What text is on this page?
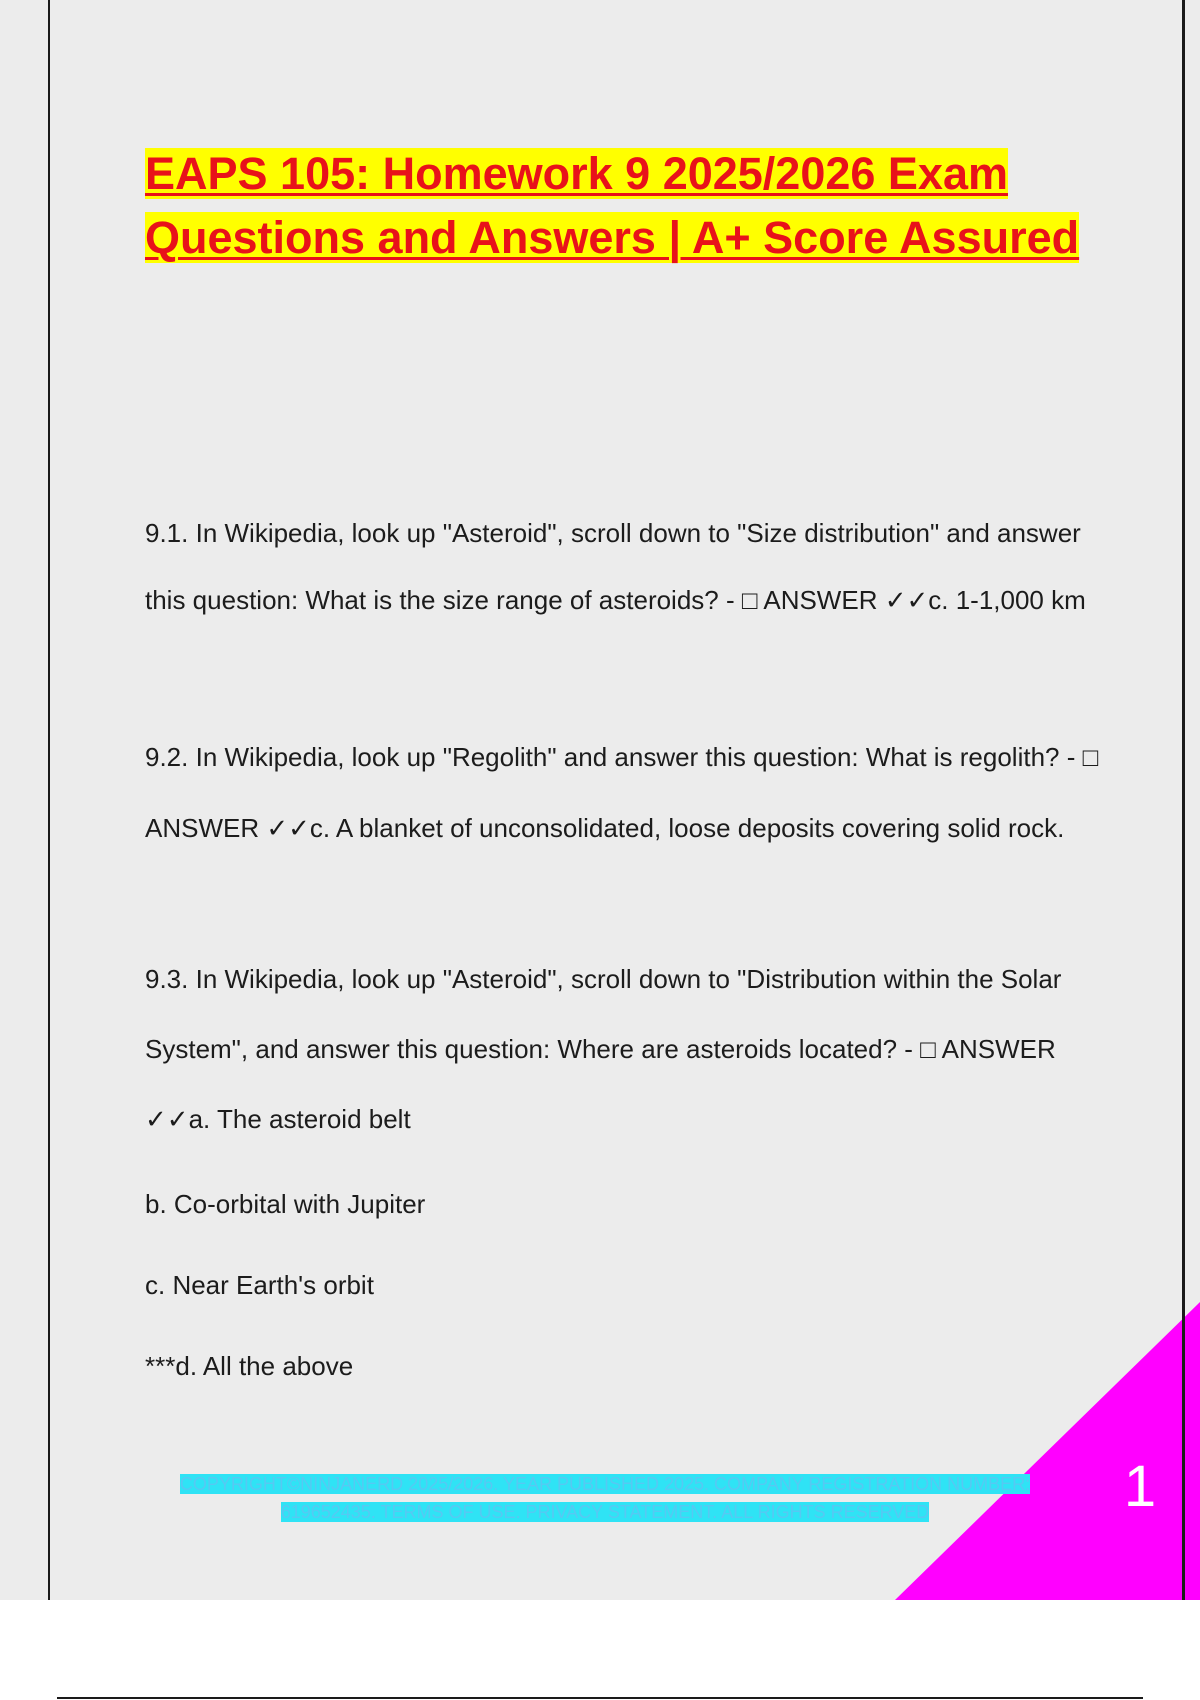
EAPS 105: Homework 9 2025/2026 Exam Questions and Answers | A+ Score Assured

9.1. In Wikipedia, look up "Asteroid", scroll down to "Size distribution" and answer this question: What is the size range of asteroids? - □ ANSWER ✓✓c. 1-1,000 km

9.2. In Wikipedia, look up "Regolith" and answer this question: What is regolith? - □ ANSWER ✓✓c. A blanket of unconsolidated, loose deposits covering solid rock.

9.3. In Wikipedia, look up "Asteroid", scroll down to "Distribution within the Solar System", and answer this question: Where are asteroids located? - □ ANSWER ✓✓a. The asteroid belt

b. Co-orbital with Jupiter

c. Near Earth's orbit

***d. All the above

COPYRIGHT©NINJANERD 2025/2026. YEAR PUBLISHED 2025. COMPANY REGISTRATION NUMBER: 619652435. TERMS OF USE. PRIVACY STATEMENT. ALL RIGHTS RESERVED	1
